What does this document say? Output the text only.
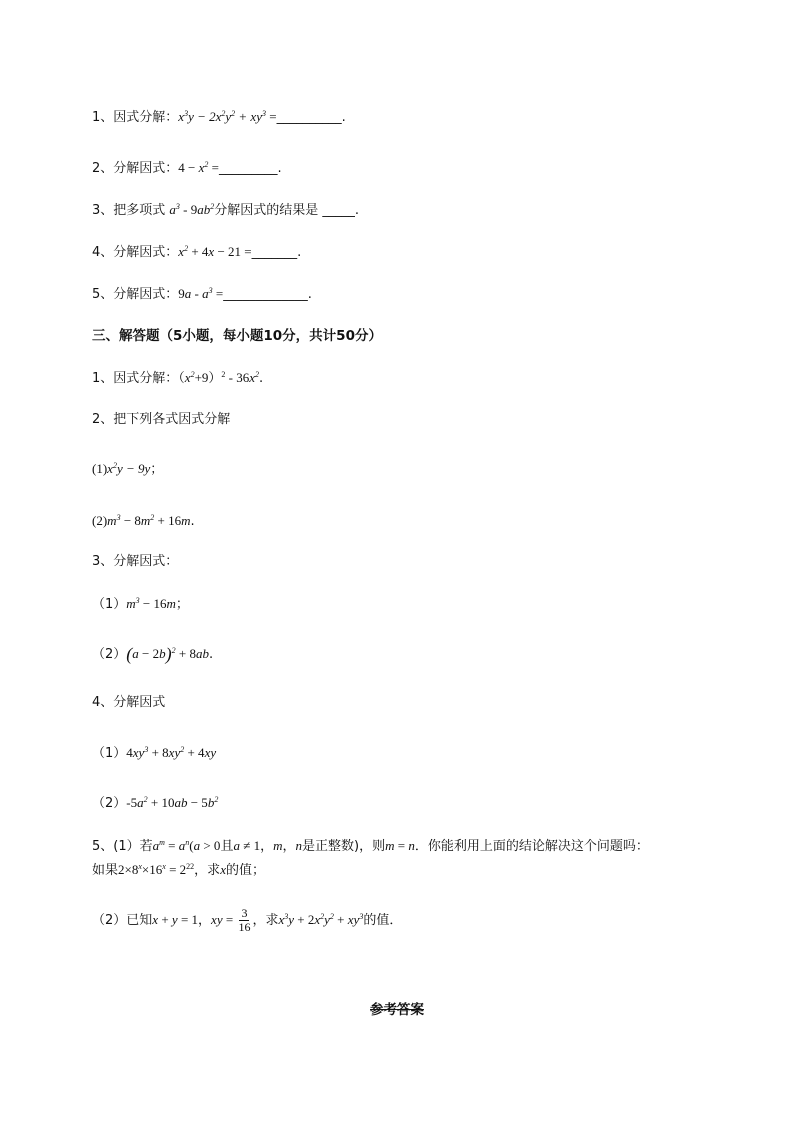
1、因式分解：$x^3y - 2x^2y^2 + xy^3$ =__________.
2、分解因式：$4 - x^2$ =_________.
3、把多项式 $a^3 - 9ab^2$分解因式的结果是 _____.
4、分解因式：$x^2 + 4x - 21$ =_______.
5、分解因式：$9a - a^3$ =_____________.
三、解答题（5小题，每小题10分，共计50分）
1、因式分解：$(x^2+9)^2 - 36x^2$.
2、把下列各式因式分解
$(1)x^2y - 9y$；
$(2)m^3 - 8m^2 + 16m$.
3、分解因式：
$(1)m^3 - 16m$；
$(2)(a - 2b)^2 + 8ab$.
4、分解因式
$(1)4xy^3 + 8xy^2 + 4xy$
$(2)-5a^2 + 10ab - 5b^2$
5、(1）若$a^m = a^n(a > 0$且a ≠ 1，m，n是正整数)，则m = n．你能利用上面的结论解决这个问题吗：
如果$2\times 8^x\times 16^x = 2^{22}$，求x的值；
（2）已知x + y = 1，xy = $\frac{3}{16}$ ，求$x^3y + 2x^2y^2 + xy^3$的值．
参考答案
